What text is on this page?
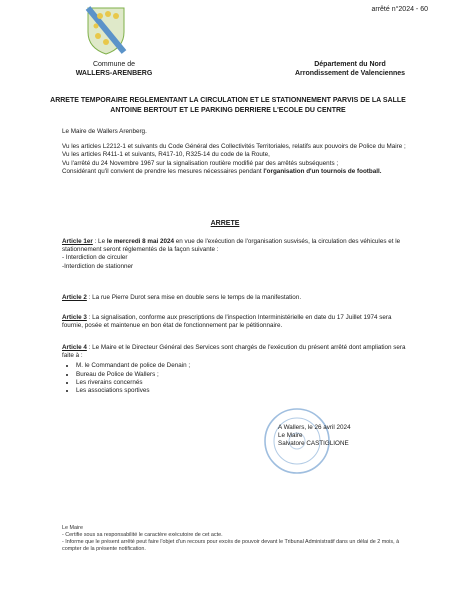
arrêté n°2024 - 60
Commune de
WALLERS-ARENBERG
Département du Nord
Arrondissement de Valenciennes
ARRETE TEMPORAIRE REGLEMENTANT LA CIRCULATION ET LE STATIONNEMENT PARVIS DE LA SALLE ANTOINE BERTOUT ET LE PARKING DERRIERE L'ECOLE DU CENTRE

Le Maire de Wallers Arenberg.

Vu les articles L2212-1 et suivants du Code Général des Collectivités Territoriales, relatifs aux pouvoirs de Police du Maire ;

Vu les articles R411-1 et suivants, R417-10, R325-14 du code de la Route,

Vu l'arrêté du 24 Novembre 1967 sur la signalisation routière modifié par des arrêtés subséquents ;

Considérant qu'il convient de prendre les mesures nécessaires pendant l'organisation d'un tournois de football.

ARRETE

Article 1er : Le le mercredi 8 mai 2024 en vue de l'exécution de l'organisation susvisés, la circulation des véhicules et le stationnement seront réglementés de la façon suivante :

- Interdiction de circuler

-Interdiction de stationner

Article 2 : La rue Pierre Durot sera mise en double sens le temps de la manifestation.

Article 3 : La signalisation, conforme aux prescriptions de l'inspection Interministérielle en date du 17 Juillet 1974 sera fournie, posée et maintenue en bon état de fonctionnement par le pétitionnaire.

Article 4 : Le Maire et le Directeur Général des Services sont chargés de l'exécution du présent arrêté dont ampliation sera faite à :

• M. le Commandant de police de Denain ;
• Bureau de Police de Wallers ;
• Les riverains concernés
• Les associations sportives
A Wallers, le 26 avril 2024
Le Maire
Salvatore CASTIGLIONE

Le Maire

- Certifie sous sa responsabilité le caractère exécutoire de cet acte.

- Informe que le présent arrêté peut faire l'objet d'un recours pour excès de pouvoir devant le Tribunal Administratif dans un délai de 2 mois, à compter de la présente notification.
